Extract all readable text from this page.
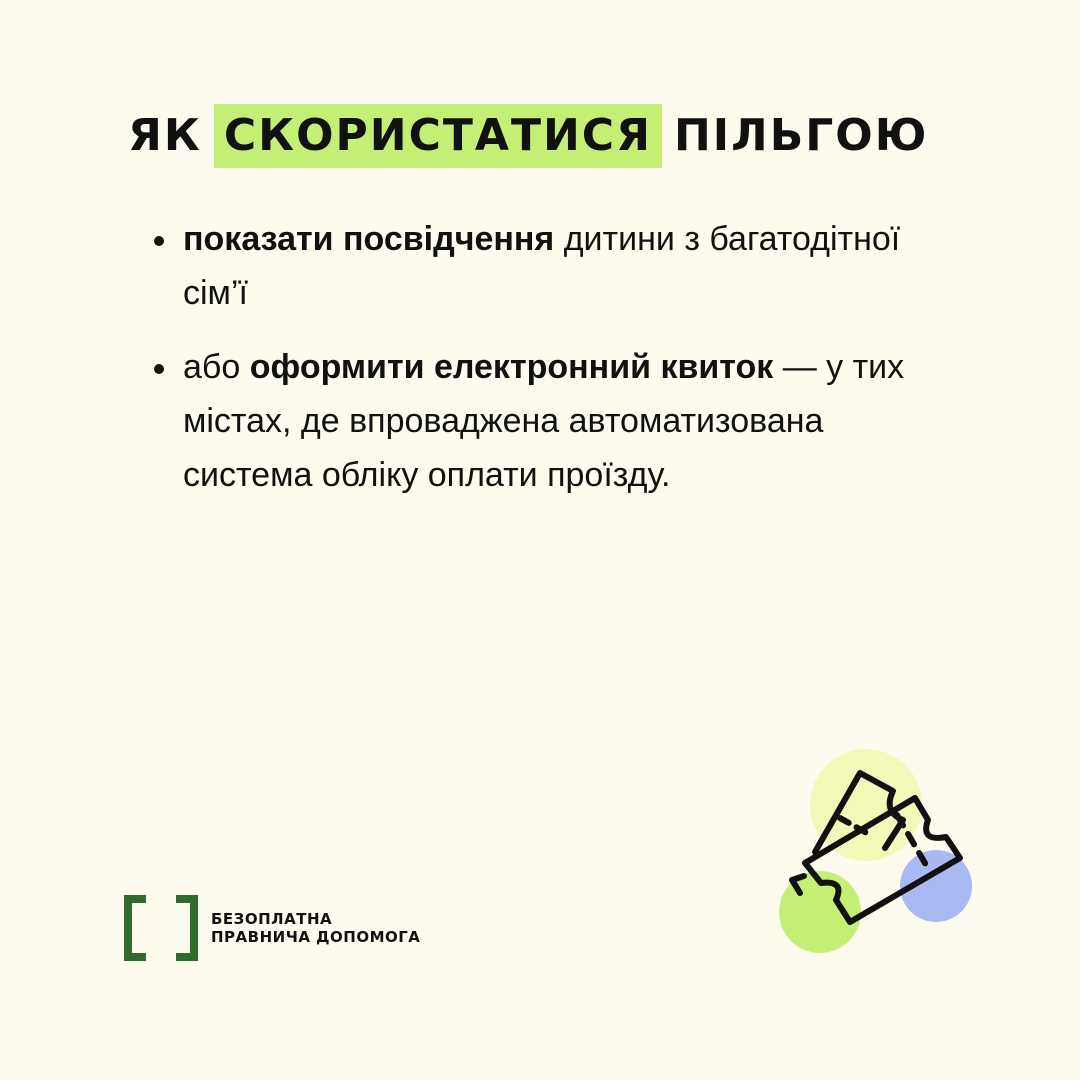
ЯК СКОРИСТАТИСЯ ПІЛЬГОЮ
показати посвідчення дитини з багатодітної сім’ї
або оформити електронний квиток — у тих містах, де впроваджена автоматизована система обліку оплати проїзду.
БЕЗОПЛАТНА
ПРАВНИЧА ДОПОМОГА
